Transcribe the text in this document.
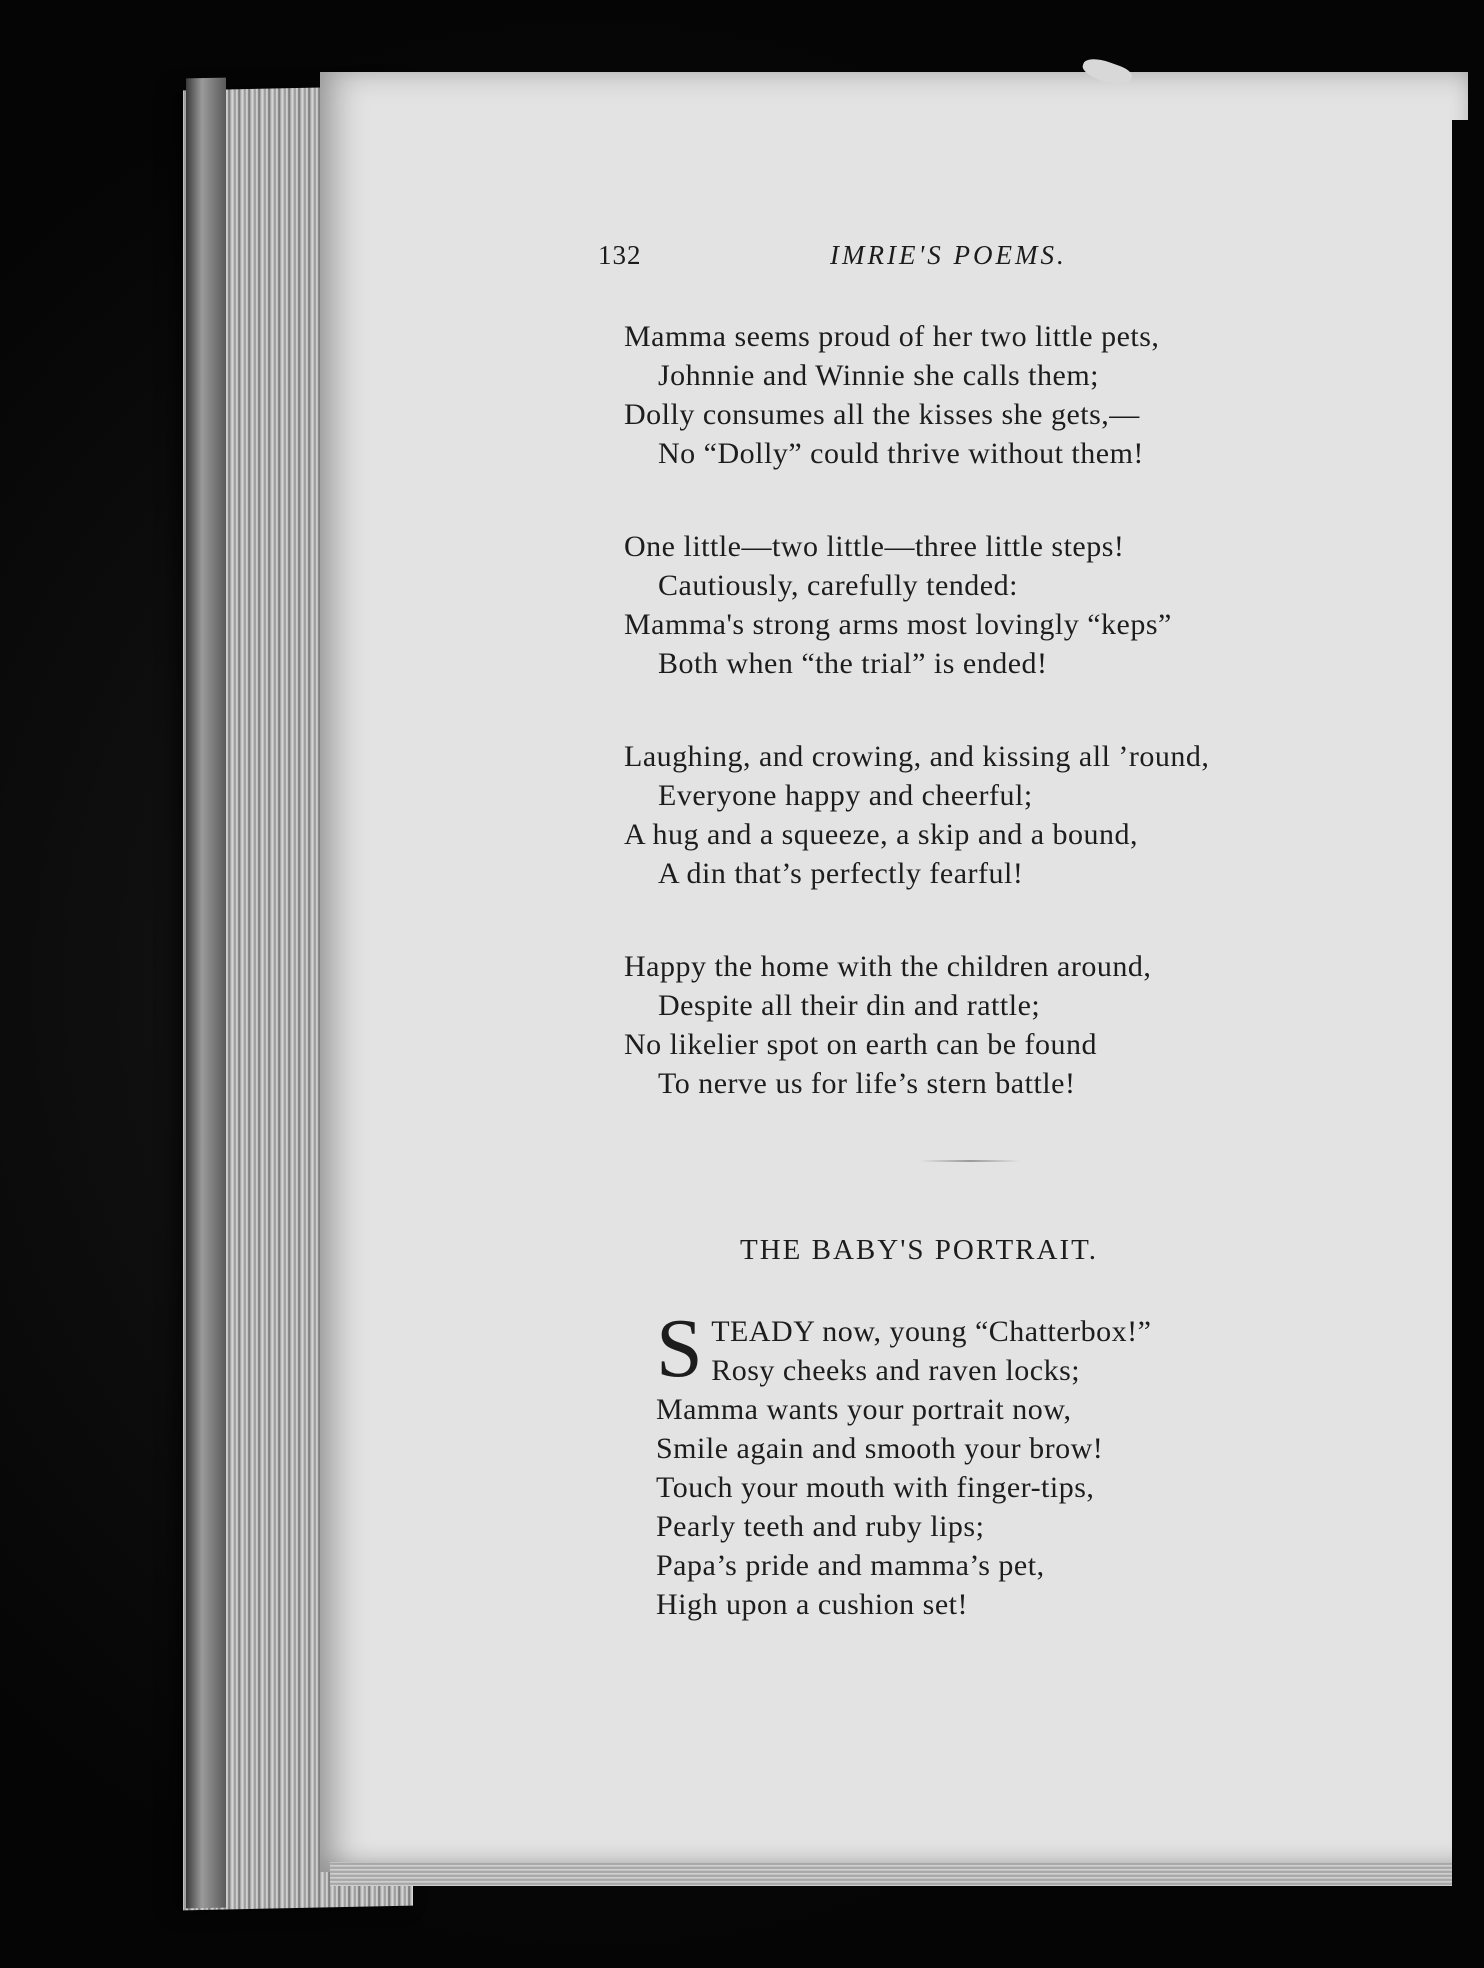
132	IMRIE'S POEMS.
Mamma seems proud of her two little pets,
Johnnie and Winnie she calls them;
Dolly consumes all the kisses she gets,—
No “Dolly” could thrive without them!
One little—two little—three little steps!
Cautiously, carefully tended:
Mamma's strong arms most lovingly “keps”
Both when “the trial” is ended!
Laughing, and crowing, and kissing all ’round,
Everyone happy and cheerful;
A hug and a squeeze, a skip and a bound,
A din that’s perfectly fearful!
Happy the home with the children around,
Despite all their din and rattle;
No likelier spot on earth can be found
To nerve us for life’s stern battle!
THE BABY'S PORTRAIT.
S TEADY now, young “Chatterbox!”
Rosy cheeks and raven locks;
Mamma wants your portrait now,
Smile again and smooth your brow!
Touch your mouth with finger-tips,
Pearly teeth and ruby lips;
Papa’s pride and mamma’s pet,
High upon a cushion set!
